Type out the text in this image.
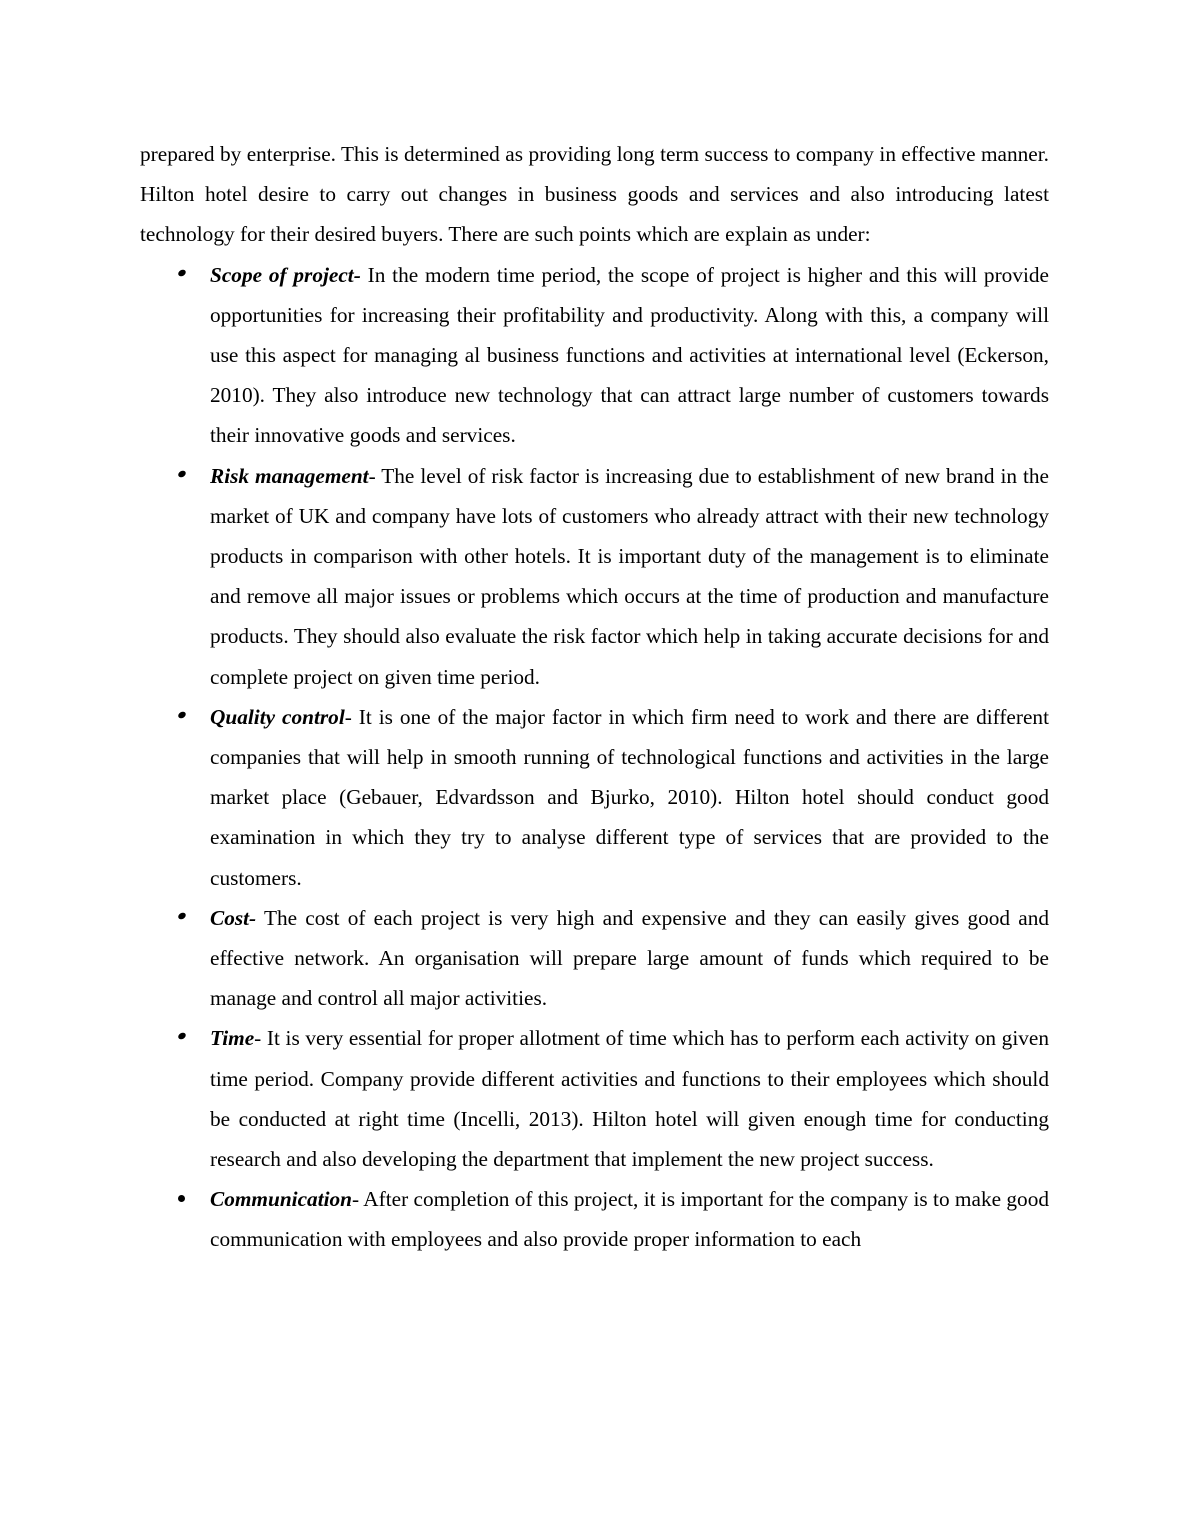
prepared by enterprise. This is determined as providing long term success to company in effective manner. Hilton hotel desire to carry out changes in business goods and services and also introducing latest technology for their desired buyers. There are such points which are explain as under:

Scope of project- In the modern time period, the scope of project is higher and this will provide opportunities for increasing their profitability and productivity. Along with this, a company will use this aspect for managing al business functions and activities at international level (Eckerson, 2010). They also introduce new technology that can attract large number of customers towards their innovative goods and services.
Risk management- The level of risk factor is increasing due to establishment of new brand in the market of UK and company have lots of customers who already attract with their new technology products in comparison with other hotels. It is important duty of the management is to eliminate and remove all major issues or problems which occurs at the time of production and manufacture products. They should also evaluate the risk factor which help in taking accurate decisions for and complete project on given time period.
Quality control- It is one of the major factor in which firm need to work and there are different companies that will help in smooth running of technological functions and activities in the large market place (Gebauer, Edvardsson and Bjurko, 2010). Hilton hotel should conduct good examination in which they try to analyse different type of services that are provided to the customers.
Cost- The cost of each project is very high and expensive and they can easily gives good and effective network. An organisation will prepare large amount of funds which required to be manage and control all major activities.
Time- It is very essential for proper allotment of time which has to perform each activity on given time period. Company provide different activities and functions to their employees which should be conducted at right time (Incelli, 2013). Hilton hotel will given enough time for conducting research and also developing the department that implement the new project success.
Communication- After completion of this project, it is important for the company is to make good communication with employees and also provide proper information to each
